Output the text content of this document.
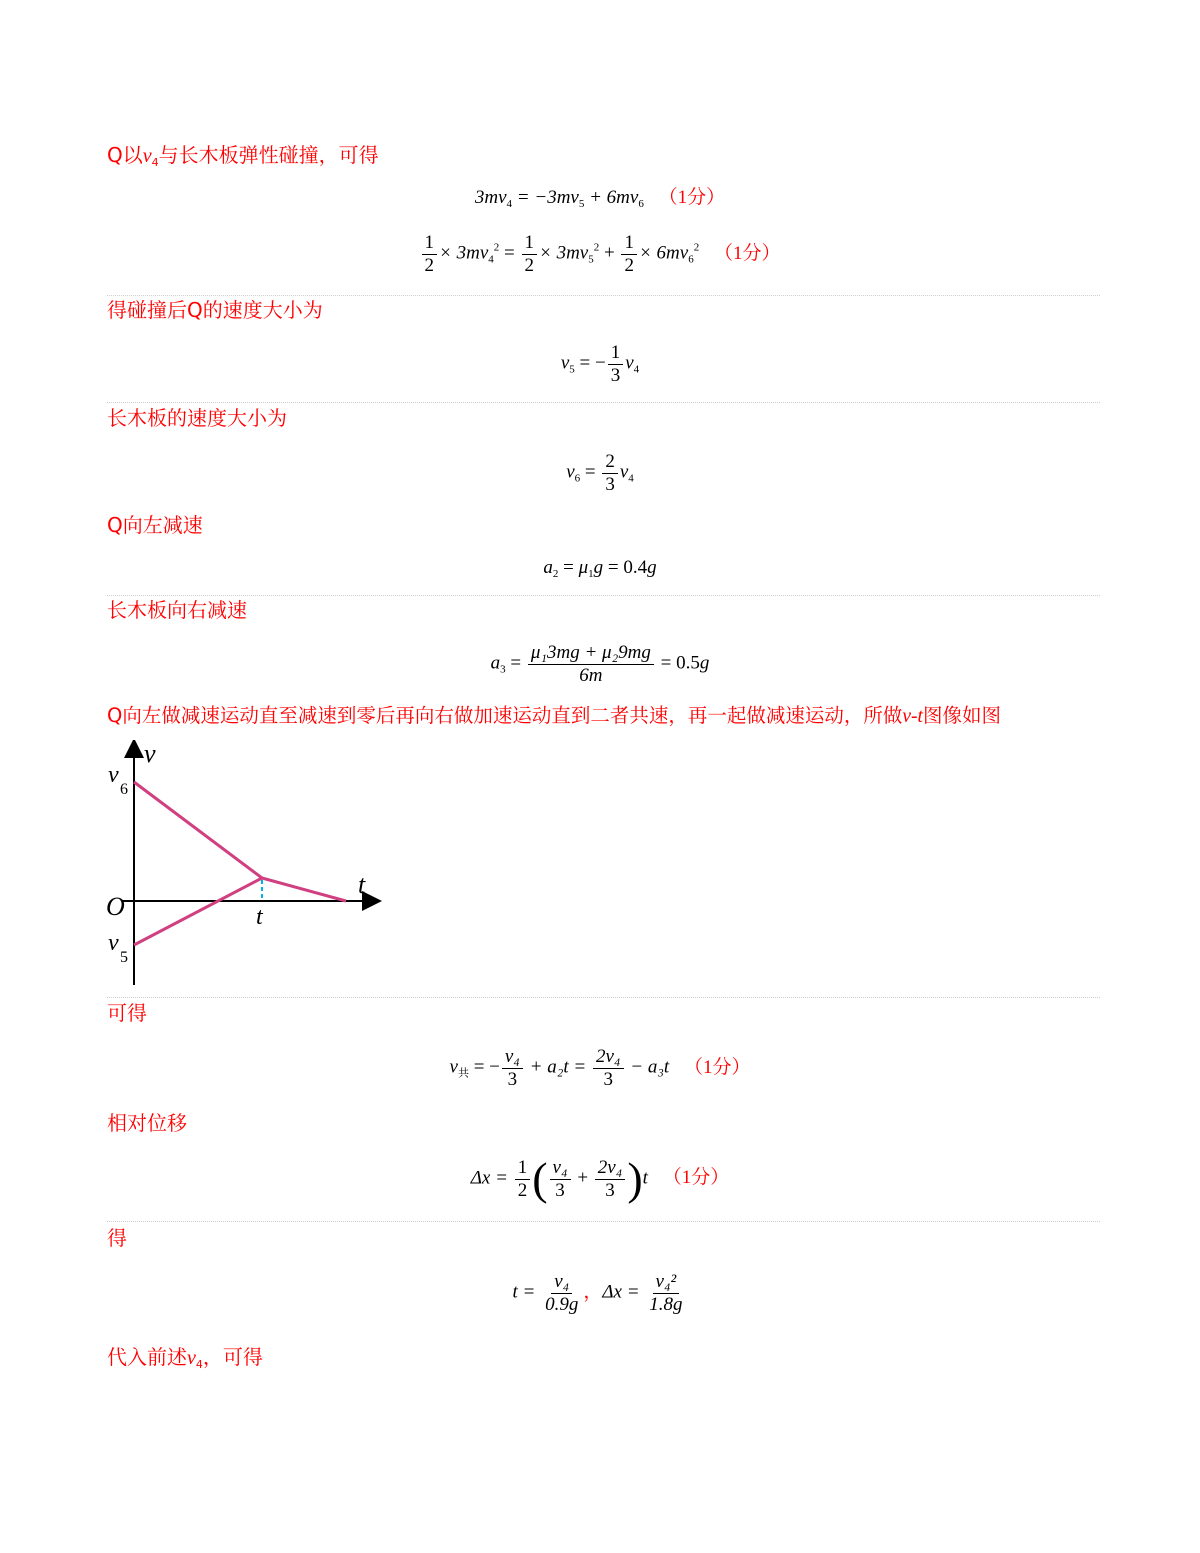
Q以$v_4$与长木板弹性碰撞，可得
$3mv_4 = -3mv_5 + 6mv_6$ （1分）
$\frac{1}{2} \times 3mv_4^2 = \frac{1}{2} \times 3mv_5^2 + \frac{1}{2} \times 6mv_6^2$ （1分）
得碰撞后Q的速度大小为
$v_5$ = − $\frac{1}{3} v_4$
长木板的速度大小为
$v_6 = \frac{2}{3} v_4$
Q向左减速
$a_2 = \mu_1g = 0.4g$
长木板向右减速
$a_3 = \frac{\text{μ₁3mg + μ₂9mg}}{6m} = 0.5g$
Q向左做减速运动直至减速到零后再向右做加速运动直到二者共速，再一起做减速运动，所做v-t图像如图
v
t
O
v
6
v
5
t
可得
$v_共$ = − $\frac{\text{v₄}}{3} + a_2t = \frac{\text{2v₄}}{3} - a_3t$ （1分）
相对位移
$\Delta x = \frac{1}{2}$ ( $\frac{\text{v₄}}{3} + \frac{\text{2v₄}}{3} )t$ （1分）
得
$t = \frac{\text{v₄}}{0.9g}$ ，$\Delta x = \frac{\text{v₄²}}{1.8g}$
代入前述$v_4$，可得
